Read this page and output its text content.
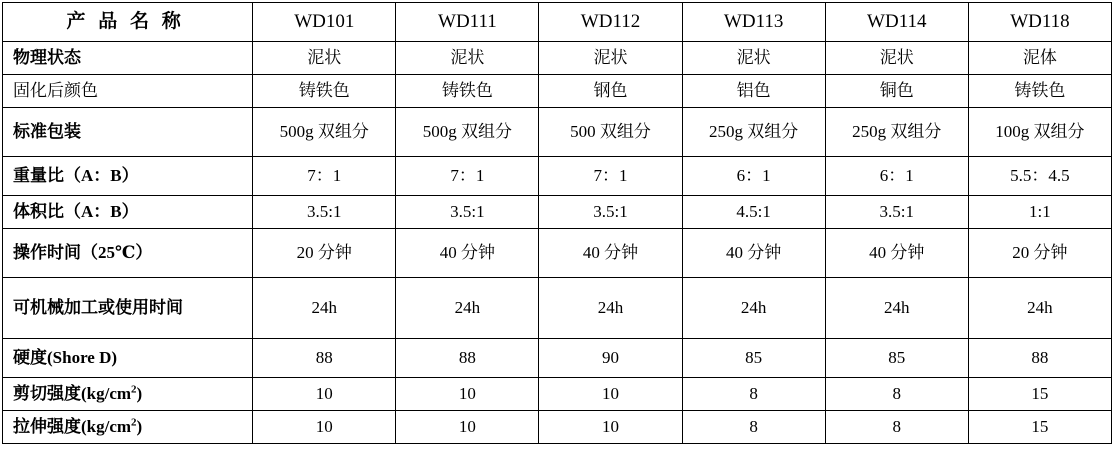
产 品 名 称	WD101	WD111	WD112	WD113	WD114	WD118
物理状态	泥状	泥状	泥状	泥状	泥状	泥体
固化后颜色	铸铁色	铸铁色	钢色	铝色	铜色	铸铁色
标准包装	500g 双组分	500g 双组分	500 双组分	250g 双组分	250g 双组分	100g 双组分
重量比（A：B）	7：1	7：1	7：1	6：1	6：1	5.5：4.5
体积比（A：B）	3.5:1	3.5:1	3.5:1	4.5:1	3.5:1	1:1
操作时间（25℃）	20 分钟	40 分钟	40 分钟	40 分钟	40 分钟	20 分钟
可机械加工或使用时间	24h	24h	24h	24h	24h	24h
硬度(Shore D)	88	88	90	85	85	88
剪切强度$(kg/cm^2)$	10	10	10	8	8	15
拉伸强度$(kg/cm^2)$	10	10	10	8	8	15
